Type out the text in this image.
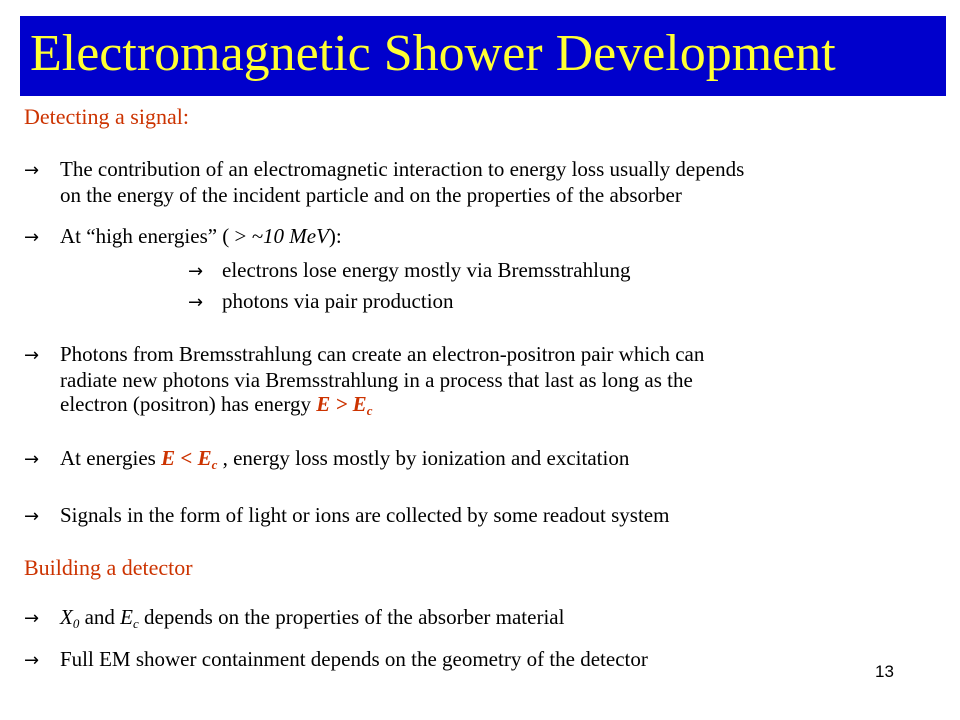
Electromagnetic Shower Development
Detecting a signal:
→ The contribution of an electromagnetic interaction to energy loss usually depends
on the energy of the incident particle and on the properties of the absorber
→ At “high energies” ( > ~10 MeV):
→ electrons lose energy mostly via Bremsstrahlung
→ photons via pair production
→ Photons from Bremsstrahlung can create an electron-positron pair which can
radiate new photons via Bremsstrahlung in a process that last as long as the
electron (positron) has energy $E > E_c$
→ At energies $E < E_c$ , energy loss mostly by ionization and excitation
→ Signals in the form of light or ions are collected by some readout system
Building a detector
→ $X_0$ and $E_c$ depends on the properties of the absorber material
→ Full EM shower containment depends on the geometry of the detector
13
